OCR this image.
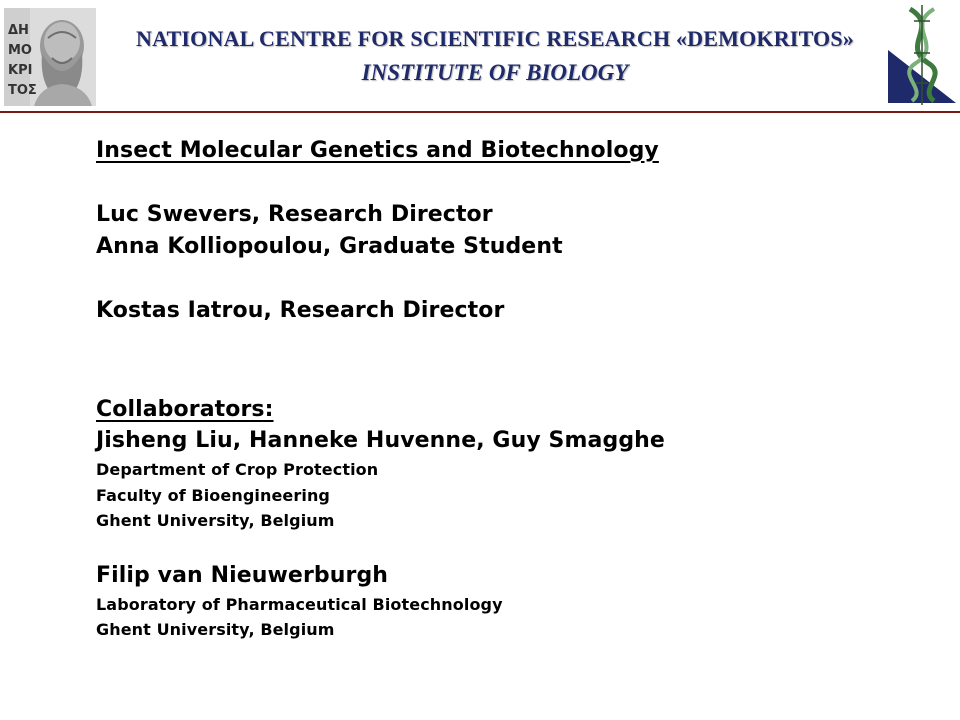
ΔΗ
ΜΟ
ΚΡΙ
ΤΟΣ
NATIONAL CENTRE FOR SCIENTIFIC RESEARCH «DEMOKRITOS»
INSTITUTE OF BIOLOGY
Insect Molecular Genetics and Biotechnology
Luc Swevers, Research Director
Anna Kolliopoulou, Graduate Student
Kostas Iatrou, Research Director
Collaborators:
Jisheng Liu, Hanneke Huvenne, Guy Smagghe
Department of Crop Protection
Faculty of Bioengineering
Ghent University, Belgium
Filip van Nieuwerburgh
Laboratory of Pharmaceutical Biotechnology
Ghent University, Belgium
